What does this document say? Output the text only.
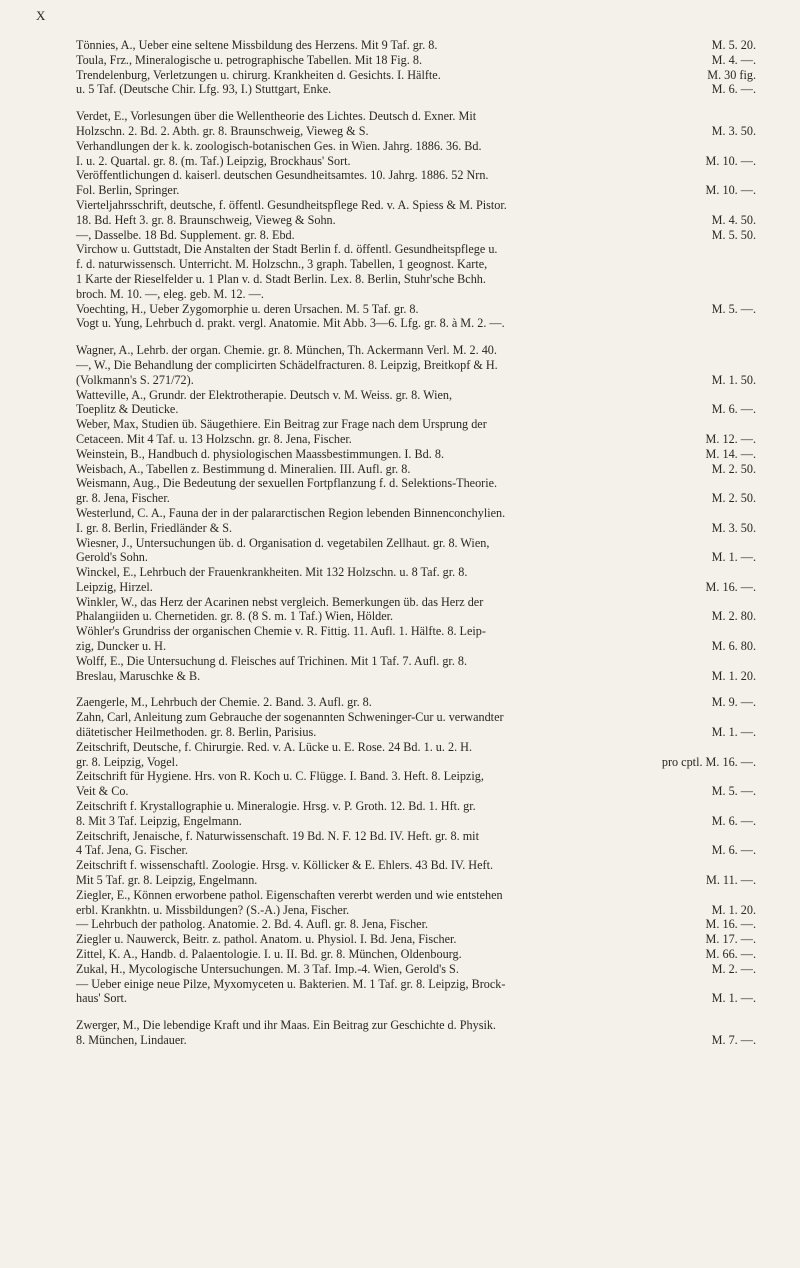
X
M. 5. 20.
Tönnies, A., Ueber eine seltene Missbildung des Herzens. Mit 9 Taf. gr. 8.
M. 4. —.
Toula, Frz., Mineralogische u. petrographische Tabellen. Mit 18 Fig. 8.
M. 30 fig.
Trendelenburg, Verletzungen u. chirurg. Krankheiten d. Gesichts. I. Hälfte.
M. 6. —.
u. 5 Taf. (Deutsche Chir. Lfg. 93, I.) Stuttgart, Enke.
Verdet, E., Vorlesungen über die Wellentheorie des Lichtes. Deutsch d. Exner. Mit
M. 3. 50.
Holzschn. 2. Bd. 2. Abth. gr. 8. Braunschweig, Vieweg & S.
Verhandlungen der k. k. zoologisch-botanischen Ges. in Wien. Jahrg. 1886. 36. Bd.
M. 10. —.
I. u. 2. Quartal. gr. 8. (m. Taf.) Leipzig, Brockhaus' Sort.
Veröffentlichungen d. kaiserl. deutschen Gesundheitsamtes. 10. Jahrg. 1886. 52 Nrn.
M. 10. —.
Fol. Berlin, Springer.
Vierteljahrsschrift, deutsche, f. öffentl. Gesundheitspflege Red. v. A. Spiess & M. Pistor.
M. 4. 50.
18. Bd. Heft 3. gr. 8. Braunschweig, Vieweg & Sohn.
M. 5. 50.
—, Dasselbe. 18 Bd. Supplement. gr. 8. Ebd.
Virchow u. Guttstadt, Die Anstalten der Stadt Berlin f. d. öffentl. Gesundheitspflege u.
f. d. naturwissensch. Unterricht. M. Holzschn., 3 graph. Tabellen, 1 geognost. Karte,
1 Karte der Rieselfelder u. 1 Plan v. d. Stadt Berlin. Lex. 8. Berlin, Stuhr'sche Bchh.
broch. M. 10. —, eleg. geb. M. 12. —.
M. 5. —.
Voechting, H., Ueber Zygomorphie u. deren Ursachen. M. 5 Taf. gr. 8.
Vogt u. Yung, Lehrbuch d. prakt. vergl. Anatomie. Mit Abb. 3—6. Lfg. gr. 8. à M. 2. —.
Wagner, A., Lehrb. der organ. Chemie. gr. 8. München, Th. Ackermann Verl. M. 2. 40.
—, W., Die Behandlung der complicirten Schädelfracturen. 8. Leipzig, Breitkopf & H.
M. 1. 50.
(Volkmann's S. 271/72).
Watteville, A., Grundr. der Elektrotherapie. Deutsch v. M. Weiss. gr. 8. Wien,
M. 6. —.
Toeplitz & Deuticke.
Weber, Max, Studien üb. Säugethiere. Ein Beitrag zur Frage nach dem Ursprung der
M. 12. —.
Cetaceen. Mit 4 Taf. u. 13 Holzschn. gr. 8. Jena, Fischer.
M. 14. —.
Weinstein, B., Handbuch d. physiologischen Maassbestimmungen. I. Bd. 8.
M. 2. 50.
Weisbach, A., Tabellen z. Bestimmung d. Mineralien. III. Aufl. gr. 8.
Weismann, Aug., Die Bedeutung der sexuellen Fortpflanzung f. d. Selektions-Theorie.
M. 2. 50.
gr. 8. Jena, Fischer.
Westerlund, C. A., Fauna der in der palararctischen Region lebenden Binnenconchylien.
M. 3. 50.
I. gr. 8. Berlin, Friedländer & S.
Wiesner, J., Untersuchungen üb. d. Organisation d. vegetabilen Zellhaut. gr. 8. Wien,
M. 1. —.
Gerold's Sohn.
Winckel, E., Lehrbuch der Frauenkrankheiten. Mit 132 Holzschn. u. 8 Taf. gr. 8.
M. 16. —.
Leipzig, Hirzel.
Winkler, W., das Herz der Acarinen nebst vergleich. Bemerkungen üb. das Herz der
M. 2. 80.
Phalangiiden u. Chernetiden. gr. 8. (8 S. m. 1 Taf.) Wien, Hölder.
Wöhler's Grundriss der organischen Chemie v. R. Fittig. 11. Aufl. 1. Hälfte. 8. Leip-
M. 6. 80.
zig, Duncker u. H.
Wolff, E., Die Untersuchung d. Fleisches auf Trichinen. Mit 1 Taf. 7. Aufl. gr. 8.
M. 1. 20.
Breslau, Maruschke & B.
M. 9. —.
Zaengerle, M., Lehrbuch der Chemie. 2. Band. 3. Aufl. gr. 8.
Zahn, Carl, Anleitung zum Gebrauche der sogenannten Schweninger-Cur u. verwandter
M. 1. —.
diätetischer Heilmethoden. gr. 8. Berlin, Parisius.
Zeitschrift, Deutsche, f. Chirurgie. Red. v. A. Lücke u. E. Rose. 24 Bd. 1. u. 2. H.
pro cptl. M. 16. —.
gr. 8. Leipzig, Vogel.
Zeitschrift für Hygiene. Hrs. von R. Koch u. C. Flügge. I. Band. 3. Heft. 8. Leipzig,
M. 5. —.
Veit & Co.
Zeitschrift f. Krystallographie u. Mineralogie. Hrsg. v. P. Groth. 12. Bd. 1. Hft. gr.
M. 6. —.
8. Mit 3 Taf. Leipzig, Engelmann.
Zeitschrift, Jenaische, f. Naturwissenschaft. 19 Bd. N. F. 12 Bd. IV. Heft. gr. 8. mit
M. 6. —.
4 Taf. Jena, G. Fischer.
Zeitschrift f. wissenschaftl. Zoologie. Hrsg. v. Köllicker & E. Ehlers. 43 Bd. IV. Heft.
M. 11. —.
Mit 5 Taf. gr. 8. Leipzig, Engelmann.
Ziegler, E., Können erworbene pathol. Eigenschaften vererbt werden und wie entstehen
M. 1. 20.
erbl. Krankhtn. u. Missbildungen? (S.-A.) Jena, Fischer.
M. 16. —.
— Lehrbuch der patholog. Anatomie. 2. Bd. 4. Aufl. gr. 8. Jena, Fischer.
M. 17. —.
Ziegler u. Nauwerck, Beitr. z. pathol. Anatom. u. Physiol. I. Bd. Jena, Fischer.
M. 66. —.
Zittel, K. A., Handb. d. Palaentologie. I. u. II. Bd. gr. 8. München, Oldenbourg.
M. 2. —.
Zukal, H., Mycologische Untersuchungen. M. 3 Taf. Imp.-4. Wien, Gerold's S.
— Ueber einige neue Pilze, Myxomyceten u. Bakterien. M. 1 Taf. gr. 8. Leipzig, Brock-
M. 1. —.
haus' Sort.
Zwerger, M., Die lebendige Kraft und ihr Maas. Ein Beitrag zur Geschichte d. Physik.
M. 7. —.
8. München, Lindauer.
